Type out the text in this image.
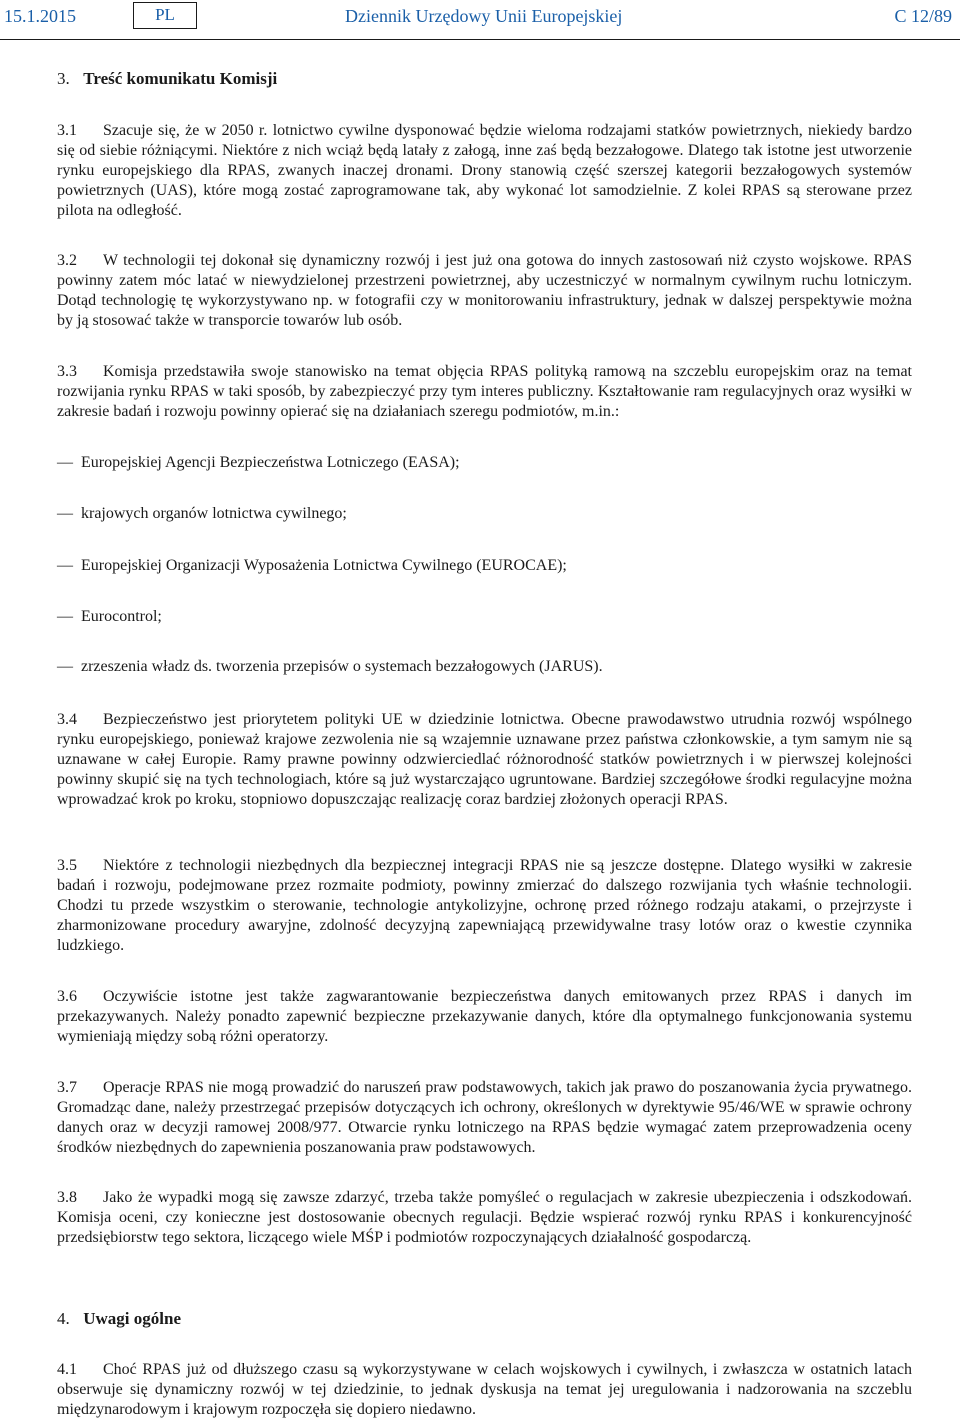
15.1.2015	PL	Dziennik Urzędowy Unii Europejskiej	C 12/89
3. Treść komunikatu Komisji
3.1 Szacuje się, że w 2050 r. lotnictwo cywilne dysponować będzie wieloma rodzajami statków powietrznych, niekiedy bardzo się od siebie różniącymi. Niektóre z nich wciąż będą latały z załogą, inne zaś będą bezzałogowe. Dlatego tak istotne jest utworzenie rynku europejskiego dla RPAS, zwanych inaczej dronami. Drony stanowią część szerszej kategorii bezzałogowych systemów powietrznych (UAS), które mogą zostać zaprogramowane tak, aby wykonać lot samodzielnie. Z kolei RPAS są sterowane przez pilota na odległość.
3.2 W technologii tej dokonał się dynamiczny rozwój i jest już ona gotowa do innych zastosowań niż czysto wojskowe. RPAS powinny zatem móc latać w niewydzielonej przestrzeni powietrznej, aby uczestniczyć w normalnym cywilnym ruchu lotniczym. Dotąd technologię tę wykorzystywano np. w fotografii czy w monitorowaniu infrastruktury, jednak w dalszej perspektywie można by ją stosować także w transporcie towarów lub osób.
3.3 Komisja przedstawiła swoje stanowisko na temat objęcia RPAS polityką ramową na szczeblu europejskim oraz na temat rozwijania rynku RPAS w taki sposób, by zabezpieczyć przy tym interes publiczny. Kształtowanie ram regulacyjnych oraz wysiłki w zakresie badań i rozwoju powinny opierać się na działaniach szeregu podmiotów, m.in.:
— Europejskiej Agencji Bezpieczeństwa Lotniczego (EASA);
— krajowych organów lotnictwa cywilnego;
— Europejskiej Organizacji Wyposażenia Lotnictwa Cywilnego (EUROCAE);
— Eurocontrol;
— zrzeszenia władz ds. tworzenia przepisów o systemach bezzałogowych (JARUS).
3.4 Bezpieczeństwo jest priorytetem polityki UE w dziedzinie lotnictwa. Obecne prawodawstwo utrudnia rozwój wspólnego rynku europejskiego, ponieważ krajowe zezwolenia nie są wzajemnie uznawane przez państwa członkowskie, a tym samym nie są uznawane w całej Europie. Ramy prawne powinny odzwierciedlać różnorodność statków powietrznych i w pierwszej kolejności powinny skupić się na tych technologiach, które są już wystarczająco ugruntowane. Bardziej szczegółowe środki regulacyjne można wprowadzać krok po kroku, stopniowo dopuszczając realizację coraz bardziej złożonych operacji RPAS.
3.5 Niektóre z technologii niezbędnych dla bezpiecznej integracji RPAS nie są jeszcze dostępne. Dlatego wysiłki w zakresie badań i rozwoju, podejmowane przez rozmaite podmioty, powinny zmierzać do dalszego rozwijania tych właśnie technologii. Chodzi tu przede wszystkim o sterowanie, technologie antykolizyjne, ochronę przed różnego rodzaju atakami, o przejrzyste i zharmonizowane procedury awaryjne, zdolność decyzyjną zapewniającą przewidywalne trasy lotów oraz o kwestie czynnika ludzkiego.
3.6 Oczywiście istotne jest także zagwarantowanie bezpieczeństwa danych emitowanych przez RPAS i danych im przekazywanych. Należy ponadto zapewnić bezpieczne przekazywanie danych, które dla optymalnego funkcjonowania systemu wymieniają między sobą różni operatorzy.
3.7 Operacje RPAS nie mogą prowadzić do naruszeń praw podstawowych, takich jak prawo do poszanowania życia prywatnego. Gromadząc dane, należy przestrzegać przepisów dotyczących ich ochrony, określonych w dyrektywie 95/46/WE w sprawie ochrony danych oraz w decyzji ramowej 2008/977. Otwarcie rynku lotniczego na RPAS będzie wymagać zatem przeprowadzenia oceny środków niezbędnych do zapewnienia poszanowania praw podstawowych.
3.8 Jako że wypadki mogą się zawsze zdarzyć, trzeba także pomyśleć o regulacjach w zakresie ubezpieczenia i odszkodowań. Komisja oceni, czy konieczne jest dostosowanie obecnych regulacji. Będzie wspierać rozwój rynku RPAS i konkurencyjność przedsiębiorstw tego sektora, liczącego wiele MŚP i podmiotów rozpoczynających działalność gospodarczą.
4. Uwagi ogólne
4.1 Choć RPAS już od dłuższego czasu są wykorzystywane w celach wojskowych i cywilnych, i zwłaszcza w ostatnich latach obserwuje się dynamiczny rozwój w tej dziedzinie, to jednak dyskusja na temat jej uregulowania i nadzorowania na szczeblu międzynarodowym i krajowym rozpoczęła się dopiero niedawno.
